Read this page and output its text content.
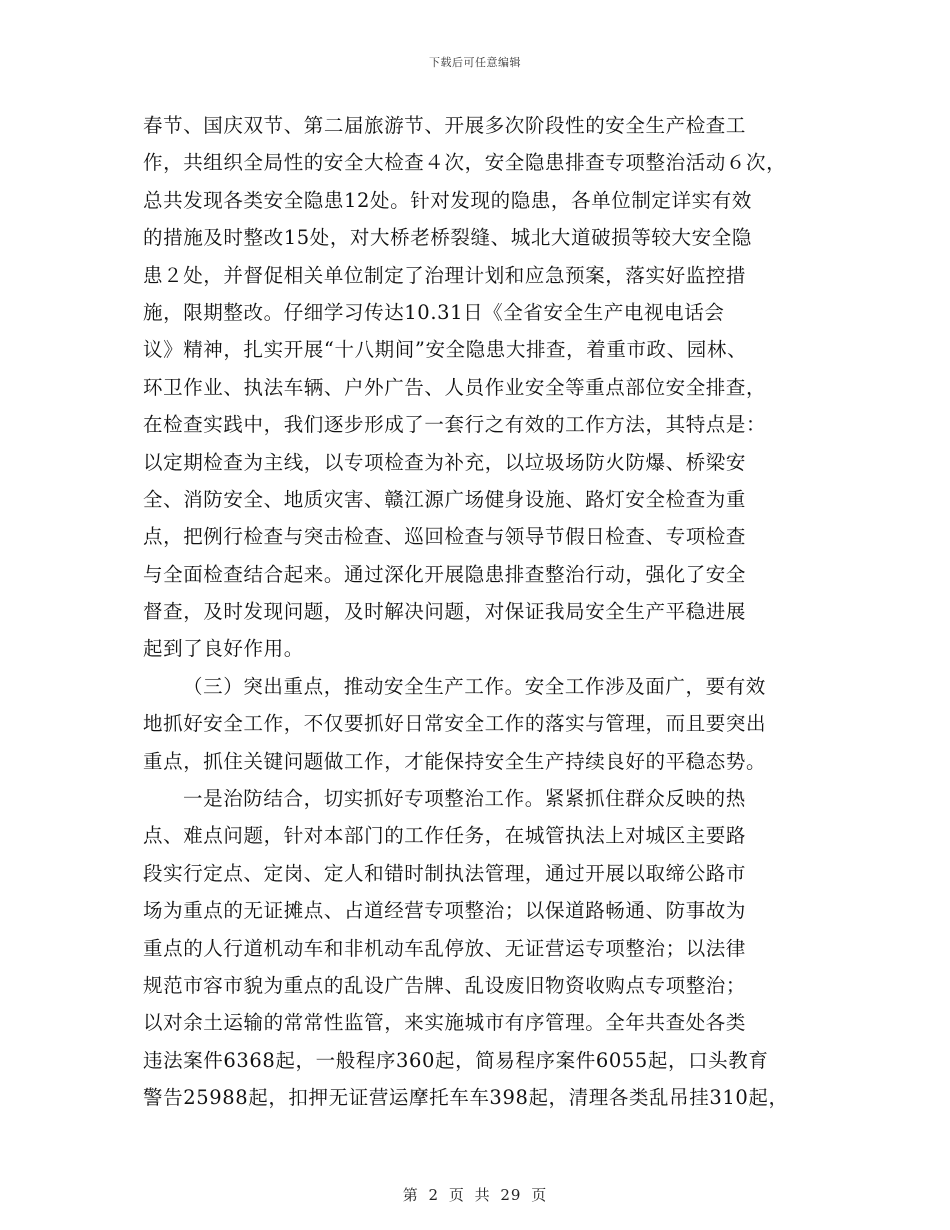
下载后可任意编辑
春节、国庆双节、第二届旅游节、开展多次阶段性的安全生产检查工
作，共组织全局性的安全大检查４次，安全隐患排查专项整治活动６次，
总共发现各类安全隐患12处。针对发现的隐患，各单位制定详实有效
的措施及时整改15处，对大桥老桥裂缝、城北大道破损等较大安全隐
患２处，并督促相关单位制定了治理计划和应急预案，落实好监控措
施，限期整改。仔细学习传达10.31日《全省安全生产电视电话会
议》精神，扎实开展“十八期间”安全隐患大排查，着重市政、园林、
环卫作业、执法车辆、户外广告、人员作业安全等重点部位安全排查，
在检查实践中，我们逐步形成了一套行之有效的工作方法，其特点是：
以定期检查为主线，以专项检查为补充，以垃圾场防火防爆、桥梁安
全、消防安全、地质灾害、赣江源广场健身设施、路灯安全检查为重
点，把例行检查与突击检查、巡回检查与领导节假日检查、专项检查
与全面检查结合起来。通过深化开展隐患排查整治行动，强化了安全
督查，及时发现问题，及时解决问题，对保证我局安全生产平稳进展
起到了良好作用。
（三）突出重点，推动安全生产工作。安全工作涉及面广，要有效
地抓好安全工作，不仅要抓好日常安全工作的落实与管理，而且要突出
重点，抓住关键问题做工作，才能保持安全生产持续良好的平稳态势。
一是治防结合，切实抓好专项整治工作。紧紧抓住群众反映的热
点、难点问题，针对本部门的工作任务，在城管执法上对城区主要路
段实行定点、定岗、定人和错时制执法管理，通过开展以取缔公路市
场为重点的无证摊点、占道经营专项整治；以保道路畅通、防事故为
重点的人行道机动车和非机动车乱停放、无证营运专项整治；以法律
规范市容市貌为重点的乱设广告牌、乱设废旧物资收购点专项整治；
以对余土运输的常常性监管，来实施城市有序管理。全年共查处各类
违法案件6368起，一般程序360起，简易程序案件6055起，口头教育
警告25988起，扣押无证营运摩托车车398起，清理各类乱吊挂310起，
第 2 页 共 29 页
